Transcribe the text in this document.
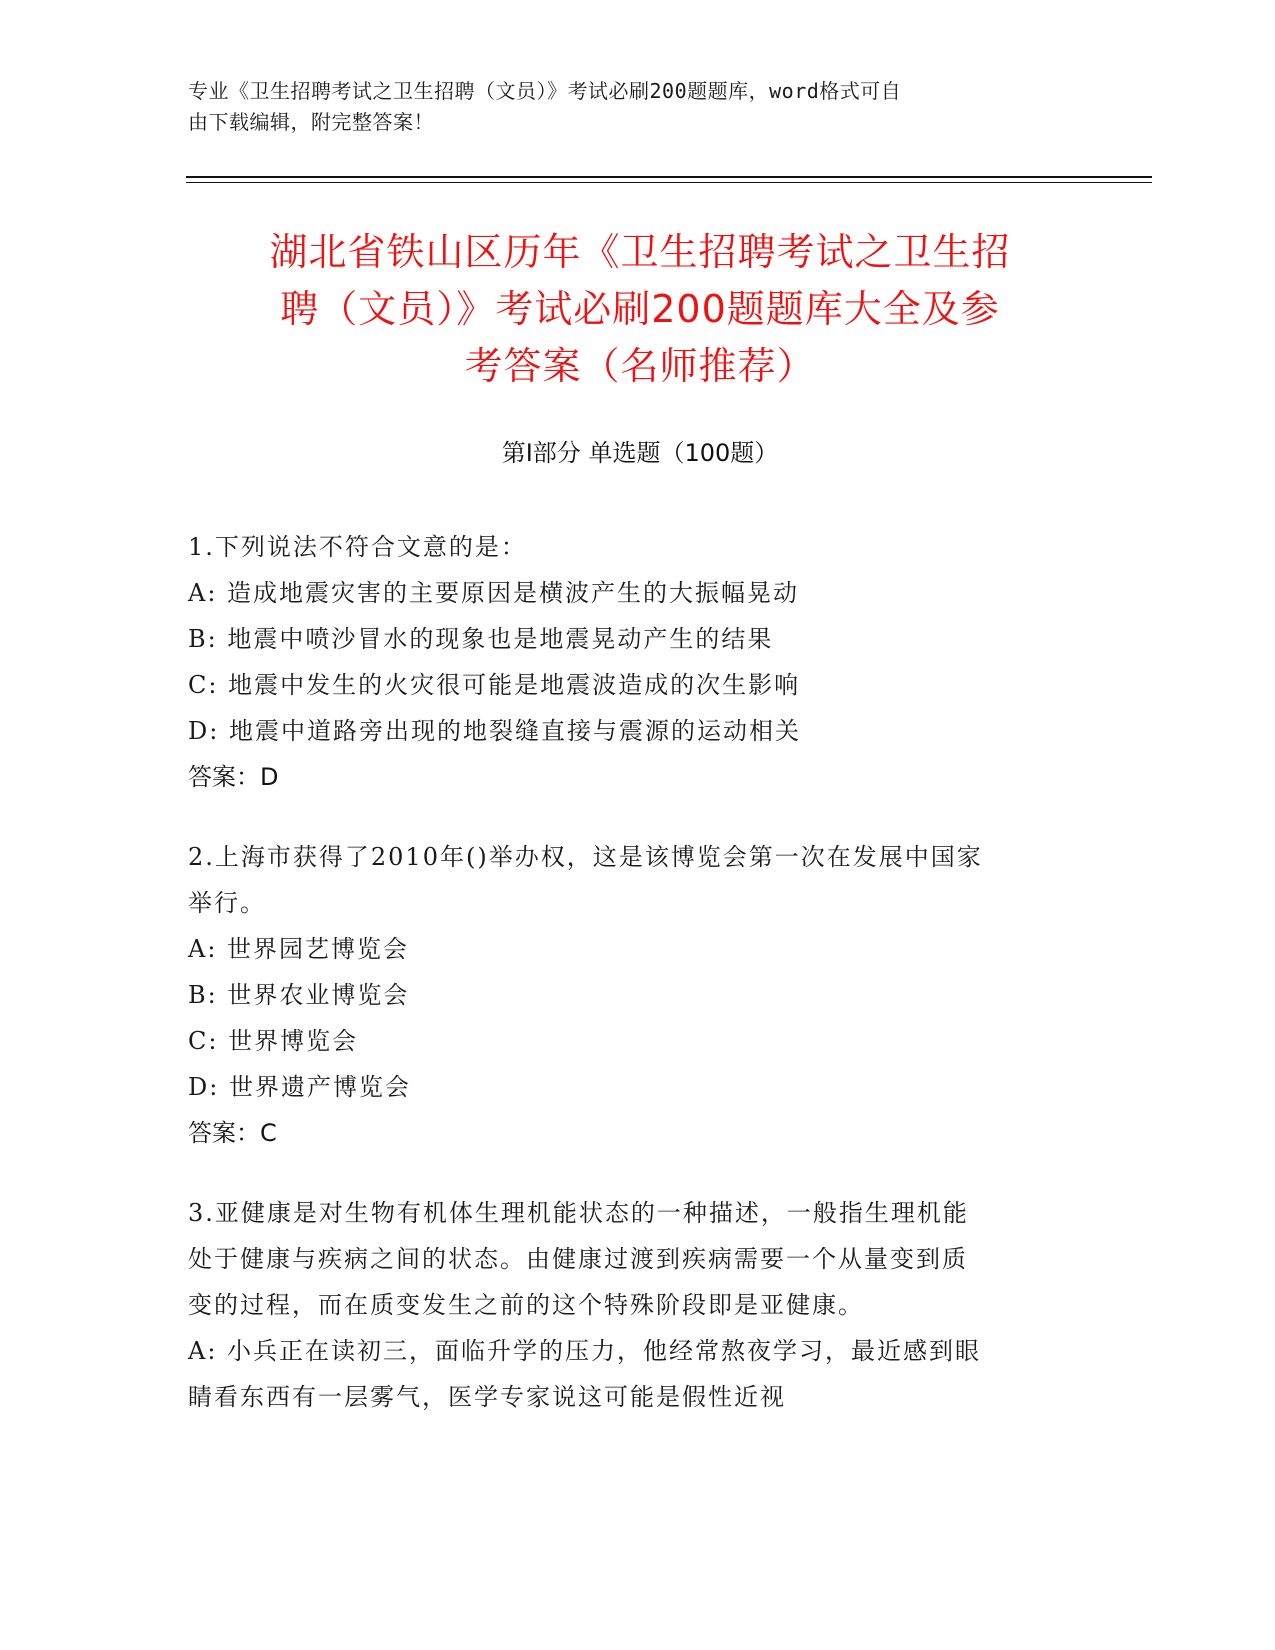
专业《卫生招聘考试之卫生招聘（文员）》考试必刷200题题库，word格式可自
由下载编辑，附完整答案！
湖北省铁山区历年《卫生招聘考试之卫生招
聘（文员）》考试必刷200题题库大全及参
考答案（名师推荐）
第Ⅰ部分 单选题（100题）
1.下列说法不符合文意的是：
A: 造成地震灾害的主要原因是横波产生的大振幅晃动
B: 地震中喷沙冒水的现象也是地震晃动产生的结果
C: 地震中发生的火灾很可能是地震波造成的次生影响
D: 地震中道路旁出现的地裂缝直接与震源的运动相关
答案：D
2.上海市获得了2010年()举办权，这是该博览会第一次在发展中国家
举行。
A: 世界园艺博览会
B: 世界农业博览会
C: 世界博览会
D: 世界遗产博览会
答案：C
3.亚健康是对生物有机体生理机能状态的一种描述，一般指生理机能
处于健康与疾病之间的状态。由健康过渡到疾病需要一个从量变到质
变的过程，而在质变发生之前的这个特殊阶段即是亚健康。
A: 小兵正在读初三，面临升学的压力，他经常熬夜学习，最近感到眼
睛看东西有一层雾气，医学专家说这可能是假性近视
